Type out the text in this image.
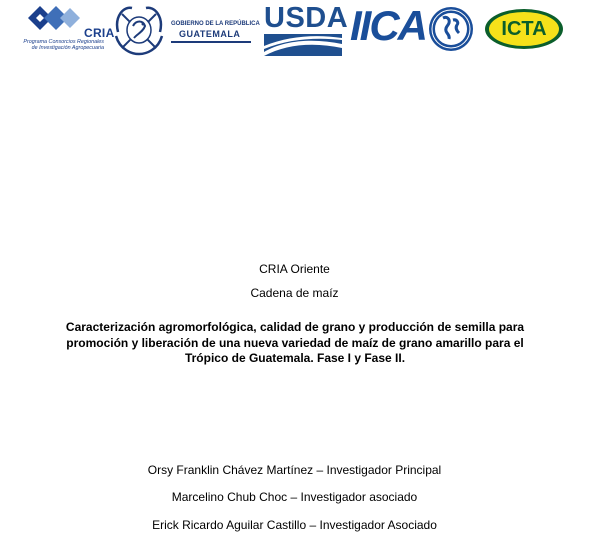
CRIA
Programa Consorcios Regionales de Investigación Agropecuaria
GOBIERNO DE LA REPÚBLICA
GUATEMALA USDA IICA	ICTA
CRIA Oriente
Cadena de maíz
Caracterización agromorfológica, calidad de grano y producción de semilla para
promoción y liberación de una nueva variedad de maíz de grano amarillo para el
Trópico de Guatemala. Fase I y Fase II.
Orsy Franklin Chávez Martínez – Investigador Principal
Marcelino Chub Choc – Investigador asociado
Erick Ricardo Aguilar Castillo – Investigador Asociado
